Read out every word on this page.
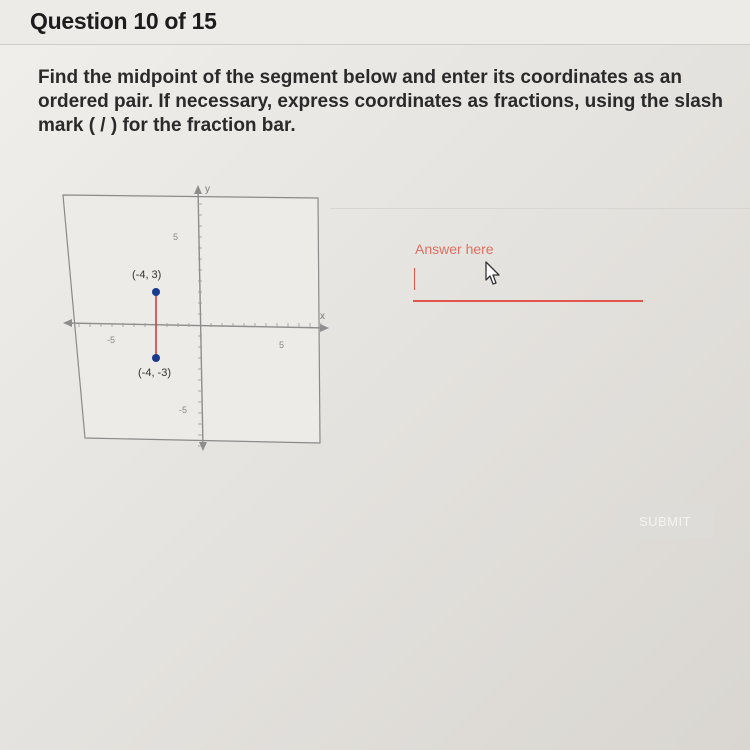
Question 10 of 15
Find the midpoint of the segment below and enter its coordinates as an
ordered pair. If necessary, express coordinates as fractions, using the slash
mark ( / ) for the fraction bar.
y
x
-5	5
5
-5
(-4, 3)
(-4, -3)
Answer here
SUBMIT
